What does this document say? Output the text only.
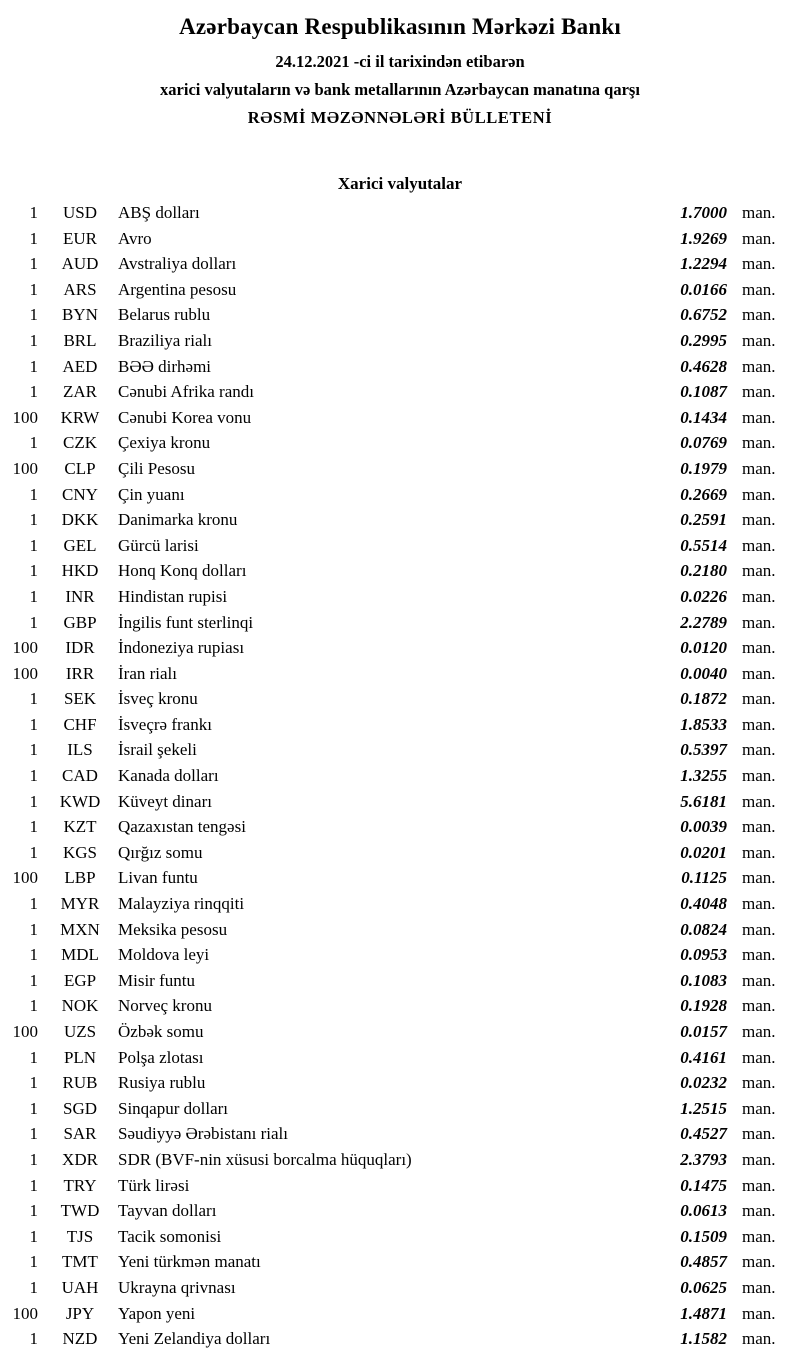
Azərbaycan Respublikasının Mərkəzi Bankı
24.12.2021 -ci il tarixindən etibarən
xarici valyutaların və bank metallarının Azərbaycan manatına qarşı
RƏSMİ MƏZƏNNƏLƏRİ BÜLLETENİ
Xarici valyutalar
1	USD	ABŞ dolları	1.7000 man.
1	EUR	Avro	1.9269 man.
1	AUD	Avstraliya dolları	1.2294 man.
1	ARS	Argentina pesosu	0.0166 man.
1	BYN	Belarus rublu	0.6752 man.
1	BRL	Braziliya rialı	0.2995 man.
1	AED	BƏƏ dirhəmi	0.4628 man.
1	ZAR	Cənubi Afrika randı	0.1087 man.
100	KRW	Cənubi Korea vonu	0.1434 man.
1	CZK	Çexiya kronu	0.0769 man.
100	CLP	Çili Pesosu	0.1979 man.
1	CNY	Çin yuanı	0.2669 man.
1	DKK	Danimarka kronu	0.2591 man.
1	GEL	Gürcü larisi	0.5514 man.
1	HKD	Honq Konq dolları	0.2180 man.
1	INR	Hindistan rupisi	0.0226 man.
1	GBP	İngilis funt sterlinqi	2.2789 man.
100	IDR	İndoneziya rupiası	0.0120 man.
100	IRR	İran rialı	0.0040 man.
1	SEK	İsveç kronu	0.1872 man.
1	CHF	İsveçrə frankı	1.8533 man.
1	ILS	İsrail şekeli	0.5397 man.
1	CAD	Kanada dolları	1.3255 man.
1	KWD	Küveyt dinarı	5.6181 man.
1	KZT	Qazaxıstan tengəsi	0.0039 man.
1	KGS	Qırğız somu	0.0201 man.
100	LBP	Livan funtu	0.1125 man.
1	MYR	Malayziya rinqqiti	0.4048 man.
1	MXN	Meksika pesosu	0.0824 man.
1	MDL	Moldova leyi	0.0953 man.
1	EGP	Misir funtu	0.1083 man.
1	NOK	Norveç kronu	0.1928 man.
100	UZS	Özbək somu	0.0157 man.
1	PLN	Polşa zlotası	0.4161 man.
1	RUB	Rusiya rublu	0.0232 man.
1	SGD	Sinqapur dolları	1.2515 man.
1	SAR	Səudiyyə Ərəbistanı rialı	0.4527 man.
1	XDR	SDR (BVF-nin xüsusi borcalma hüquqları)	2.3793 man.
1	TRY	Türk lirəsi	0.1475 man.
1	TWD	Tayvan dolları	0.0613 man.
1	TJS	Tacik somonisi	0.1509 man.
1	TMT	Yeni türkmən manatı	0.4857 man.
1	UAH	Ukrayna qrivnası	0.0625 man.
100	JPY	Yapon yeni	1.4871 man.
1	NZD	Yeni Zelandiya dolları	1.1582 man.
